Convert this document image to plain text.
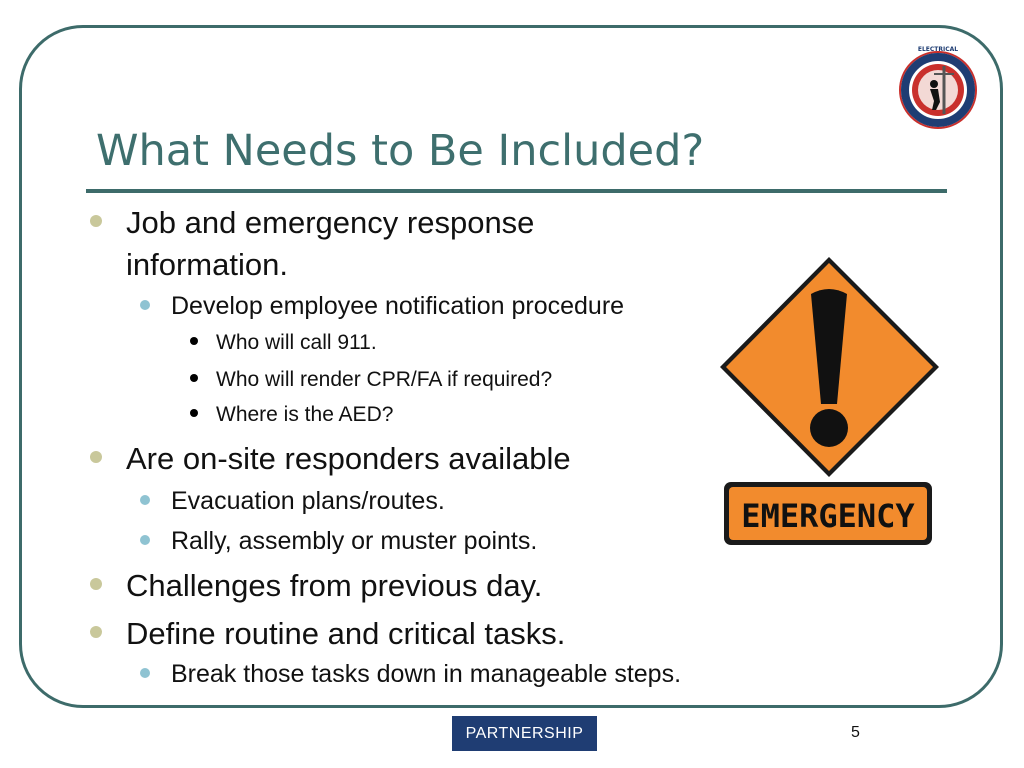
What Needs to Be Included?
Job and emergency response
information.
Develop employee notification procedure
Who will call 911.
Who will render CPR/FA if required?
Where is the AED?
Are on-site responders available
Evacuation plans/routes.
Rally, assembly or muster points.
Challenges from previous day.
Define routine and critical tasks.
Break those tasks down in manageable steps.
EMERGENCY
ELECTRICAL
PARTNERSHIP	5
